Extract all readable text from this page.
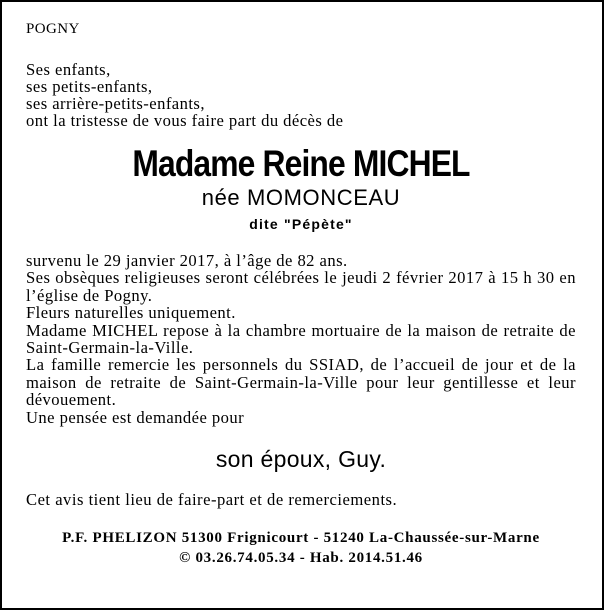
POGNY
Ses enfants,
ses petits-enfants,
ses arrière-petits-enfants,
ont la tristesse de vous faire part du décès de
Madame Reine MICHEL
née MOMONCEAU
dite "Pépète"
survenu le 29 janvier 2017, à l’âge de 82 ans.
Ses obsèques religieuses seront célébrées le jeudi 2 février 2017 à 15 h 30 en l’église de Pogny.
Fleurs naturelles uniquement.
Madame MICHEL repose à la chambre mortuaire de la maison de retraite de Saint-Germain-la-Ville.
La famille remercie les personnels du SSIAD, de l’accueil de jour et de la maison de retraite de Saint-Germain-la-Ville pour leur gentillesse et leur dévouement.
Une pensée est demandée pour
son époux, Guy.
Cet avis tient lieu de faire-part et de remerciements.
P.F. PHELIZON 51300 Frignicourt - 51240 La-Chaussée-sur-Marne
© 03.26.74.05.34 - Hab. 2014.51.46
